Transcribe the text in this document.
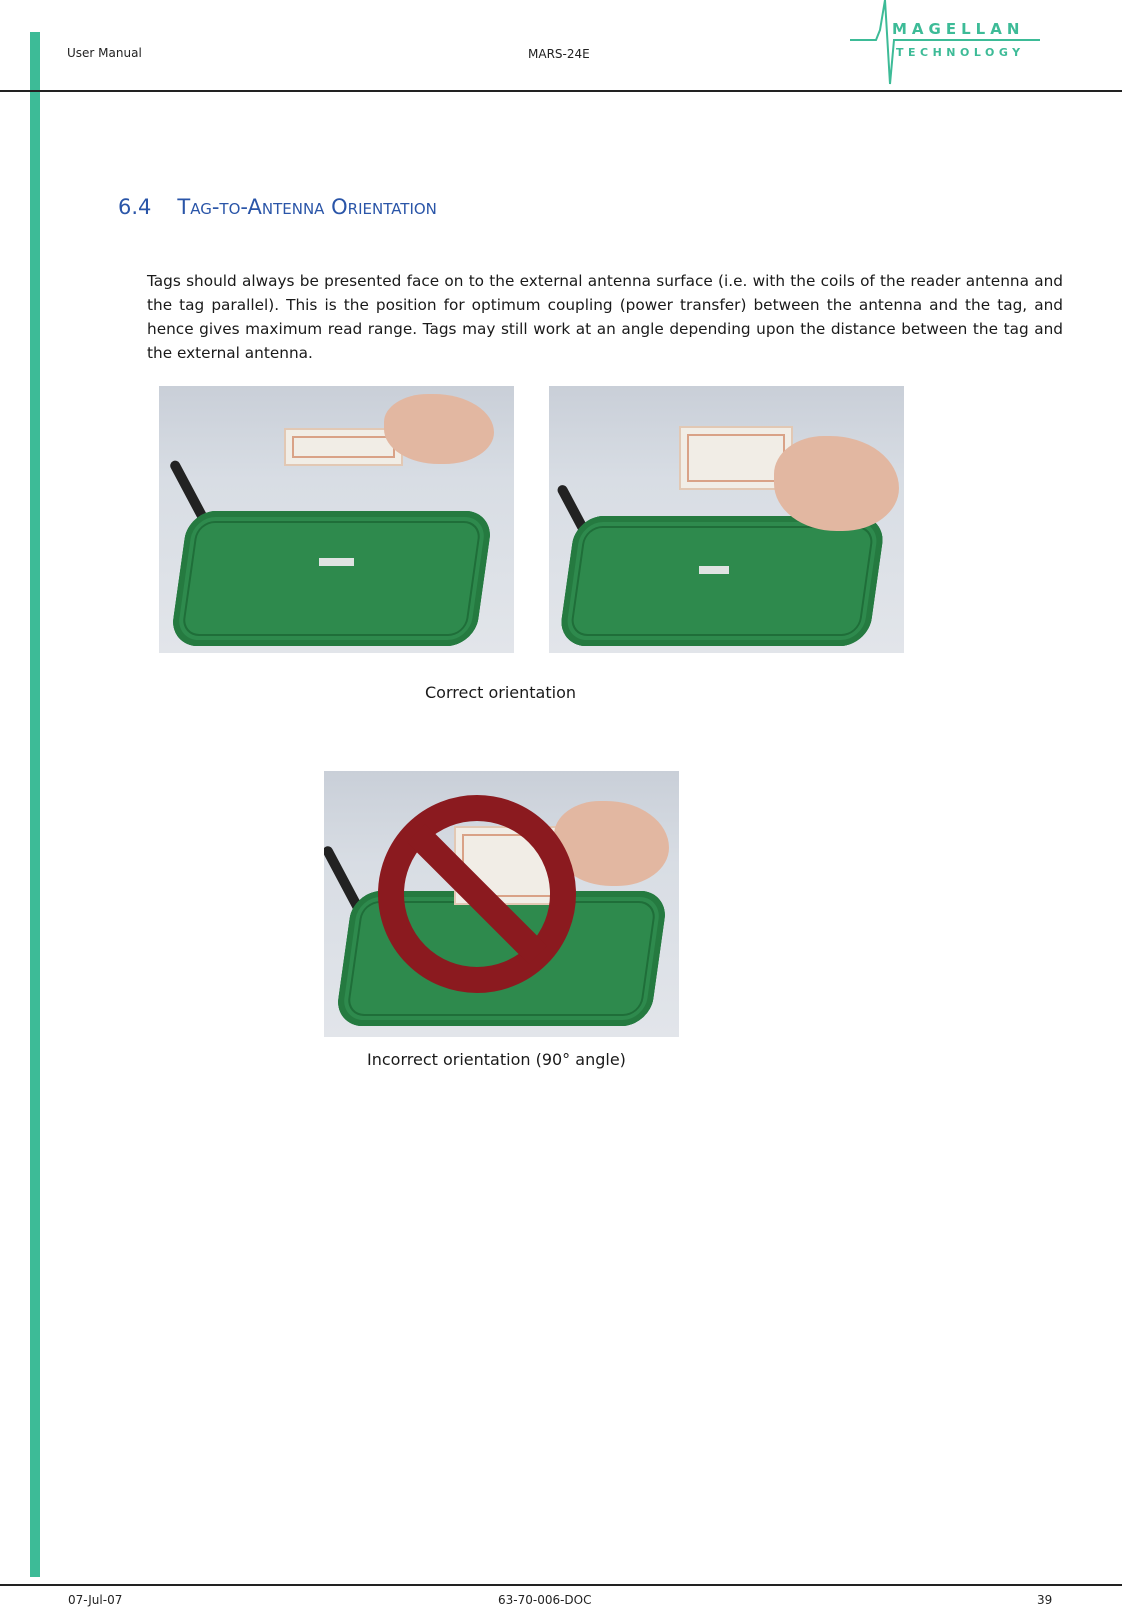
User Manual	MARS-24E
MAGELLAN
TECHNOLOGY
6.4 Tag-to-Antenna Orientation

Tags should always be presented face on to the external antenna surface (i.e. with the coils of the reader antenna and the tag parallel). This is the position for optimum coupling (power transfer) between the antenna and the tag, and hence gives maximum read range. Tags may still work at an angle depending upon the distance between the tag and the external antenna.

Correct orientation
Incorrect orientation (90° angle)
07-Jul-07	63-70-006-DOC	39
